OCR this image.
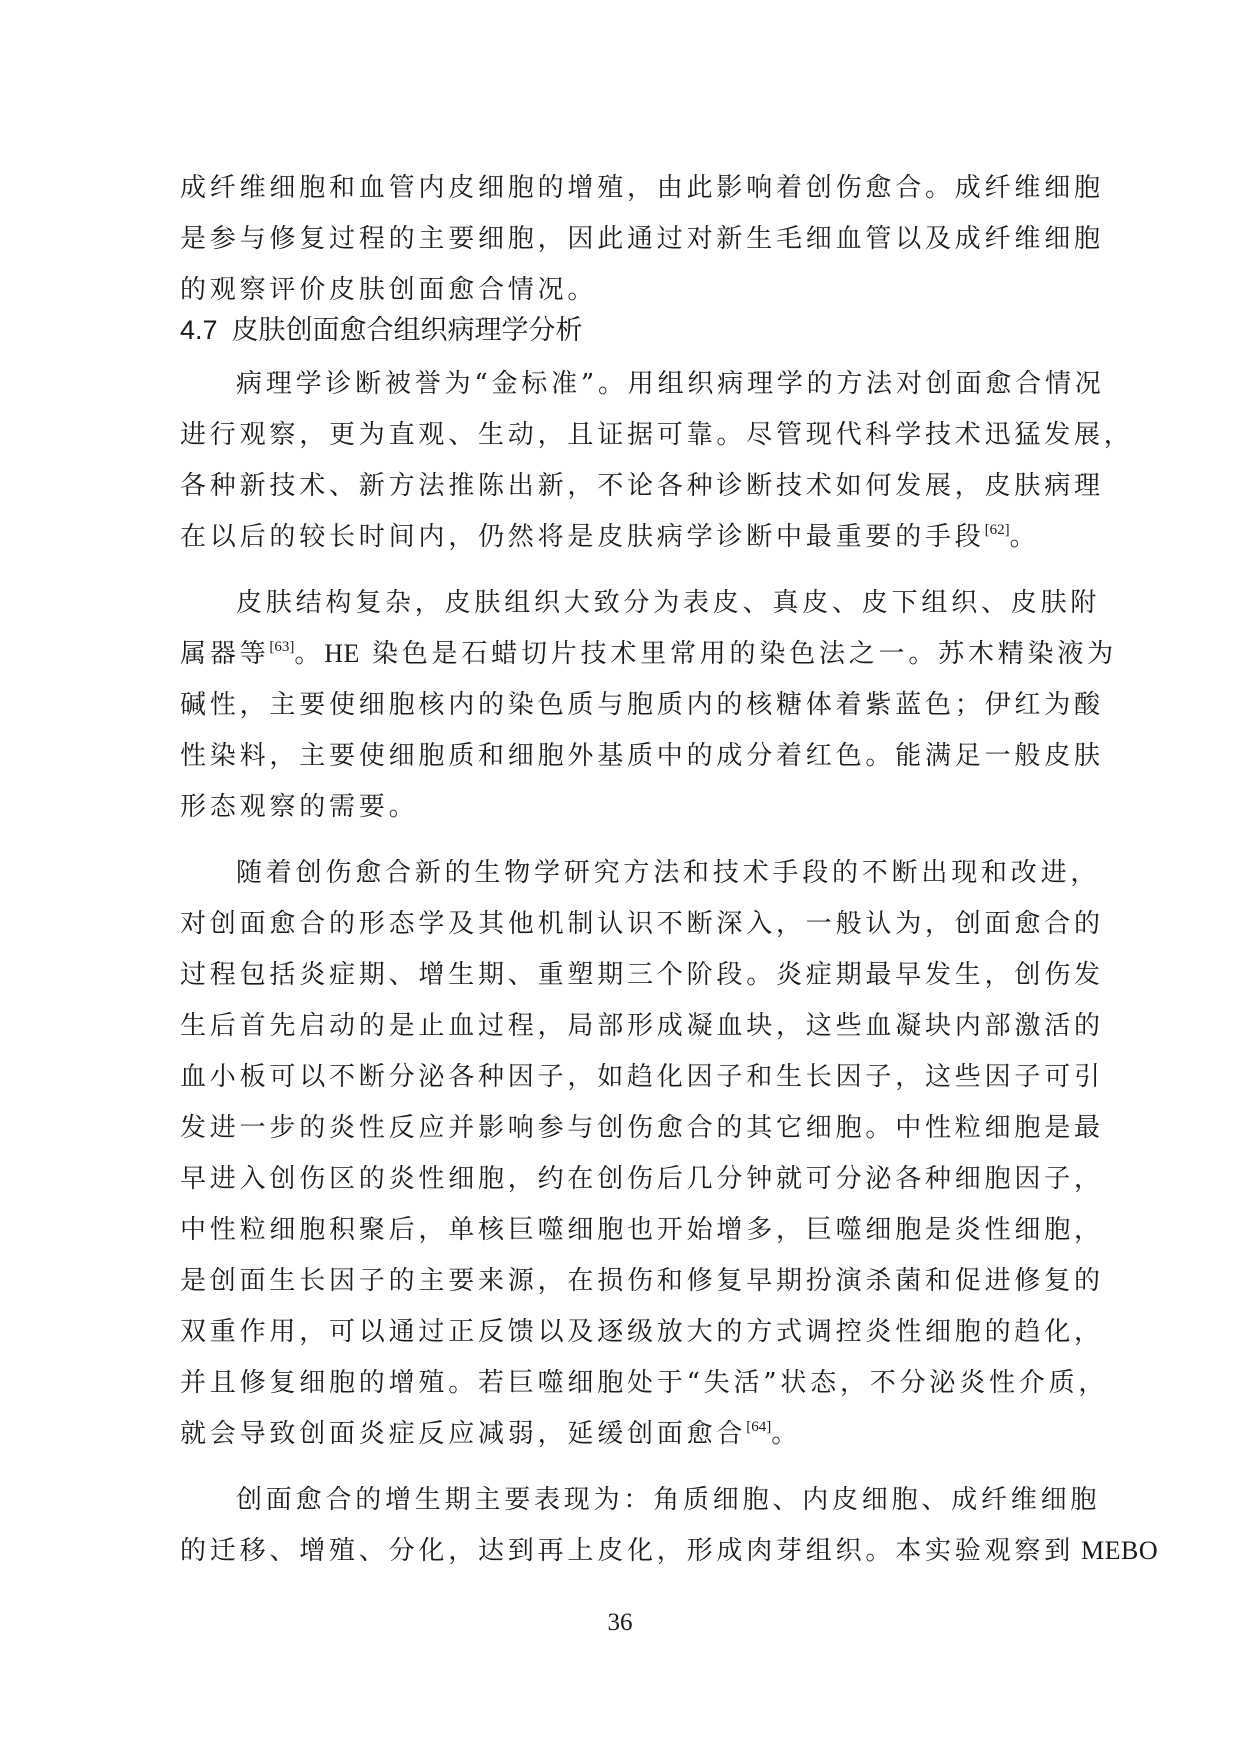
成纤维细胞和血管内皮细胞的增殖，由此影响着创伤愈合。成纤维细胞
是参与修复过程的主要细胞，因此通过对新生毛细血管以及成纤维细胞
的观察评价皮肤创面愈合情况。
4.7 皮肤创面愈合组织病理学分析
病理学诊断被誉为“金标准”。用组织病理学的方法对创面愈合情况
进行观察，更为直观、生动，且证据可靠。尽管现代科学技术迅猛发展，
各种新技术、新方法推陈出新，不论各种诊断技术如何发展，皮肤病理
在以后的较长时间内，仍然将是皮肤病学诊断中最重要的手段[62]。
皮肤结构复杂，皮肤组织大致分为表皮、真皮、皮下组织、皮肤附
属器等[63]。HE 染色是石蜡切片技术里常用的染色法之一。苏木精染液为
碱性，主要使细胞核内的染色质与胞质内的核糖体着紫蓝色；伊红为酸
性染料，主要使细胞质和细胞外基质中的成分着红色。能满足一般皮肤
形态观察的需要。
随着创伤愈合新的生物学研究方法和技术手段的不断出现和改进，
对创面愈合的形态学及其他机制认识不断深入，一般认为，创面愈合的
过程包括炎症期、增生期、重塑期三个阶段。炎症期最早发生，创伤发
生后首先启动的是止血过程，局部形成凝血块，这些血凝块内部激活的
血小板可以不断分泌各种因子，如趋化因子和生长因子，这些因子可引
发进一步的炎性反应并影响参与创伤愈合的其它细胞。中性粒细胞是最
早进入创伤区的炎性细胞，约在创伤后几分钟就可分泌各种细胞因子，
中性粒细胞积聚后，单核巨噬细胞也开始增多，巨噬细胞是炎性细胞，
是创面生长因子的主要来源，在损伤和修复早期扮演杀菌和促进修复的
双重作用，可以通过正反馈以及逐级放大的方式调控炎性细胞的趋化，
并且修复细胞的增殖。若巨噬细胞处于“失活”状态，不分泌炎性介质，
就会导致创面炎症反应减弱，延缓创面愈合[64]。
36
创面愈合的增生期主要表现为：角质细胞、内皮细胞、成纤维细胞
的迁移、增殖、分化，达到再上皮化，形成肉芽组织。本实验观察到 MEBO
